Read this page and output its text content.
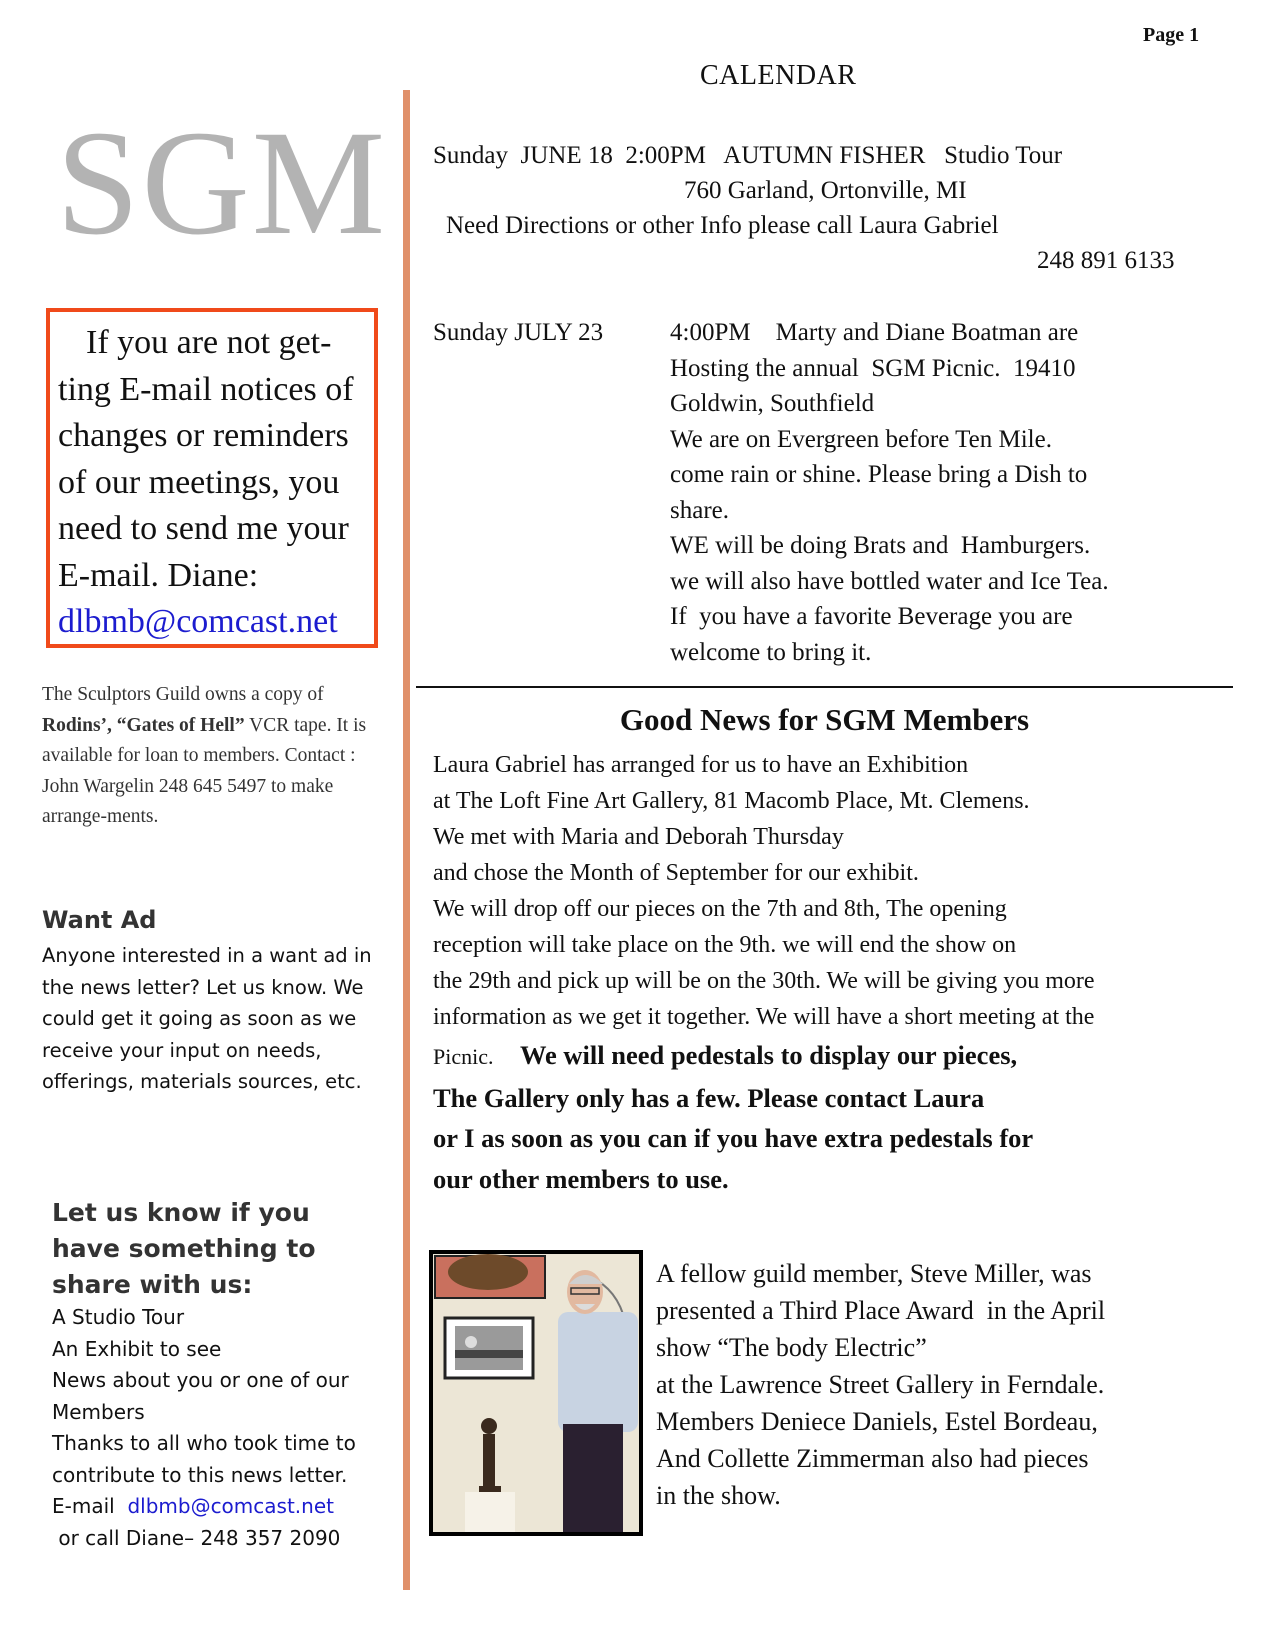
Page 1
CALENDAR
SGM
If you are not get-
ting E-mail notices of
changes or reminders
of our meetings, you
need to send me your
E-mail. Diane:
dlbmb@comcast.net
The Sculptors Guild owns a copy of Rodins’, “Gates of Hell” VCR tape. It is available for loan to members. Contact : John Wargelin 248 645 5497 to make arrange-ments.
Want Ad
Anyone interested in a want ad in the news letter? Let us know. We could get it going as soon as we receive your input on needs, offerings, materials sources, etc.
Let us know if you have something to share with us:
A Studio Tour
An Exhibit to see
News about you or one of our Members
Thanks to all who took time to contribute to this news letter.
E-mail dlbmb@comcast.net
or call Diane– 248 357 2090
Sunday  JUNE 18  2:00PM   AUTUMN FISHER   Studio Tour
760 Garland, Ortonville, MI
Need Directions or other Info please call Laura Gabriel
248 891 6133
Sunday JULY 23	4:00PM    Marty and Diane Boatman are
Hosting the annual  SGM Picnic.  19410
Goldwin, Southfield
We are on Evergreen before Ten Mile.
come rain or shine. Please bring a Dish to
share.
WE will be doing Brats and  Hamburgers.
we will also have bottled water and Ice Tea.
If  you have a favorite Beverage you are
welcome to bring it.
Good News for SGM Members
Laura Gabriel has arranged for us to have an Exhibition
at The Loft Fine Art Gallery, 81 Macomb Place, Mt. Clemens.
We met with Maria and Deborah Thursday
and chose the Month of September for our exhibit.
We will drop off our pieces on the 7th and 8th, The opening
reception will take place on the 9th. we will end the show on
the 29th and pick up will be on the 30th. We will be giving you more
information as we get it together. We will have a short meeting at the
Picnic. We will need pedestals to display our pieces,
The Gallery only has a few. Please contact Laura
or I as soon as you can if you have extra pedestals for
our other members to use.
A fellow guild member, Steve Miller, was
presented a Third Place Award  in the April
show “The body Electric”
at the Lawrence Street Gallery in Ferndale.
Members Deniece Daniels, Estel Bordeau,
And Collette Zimmerman also had pieces
in the show.
